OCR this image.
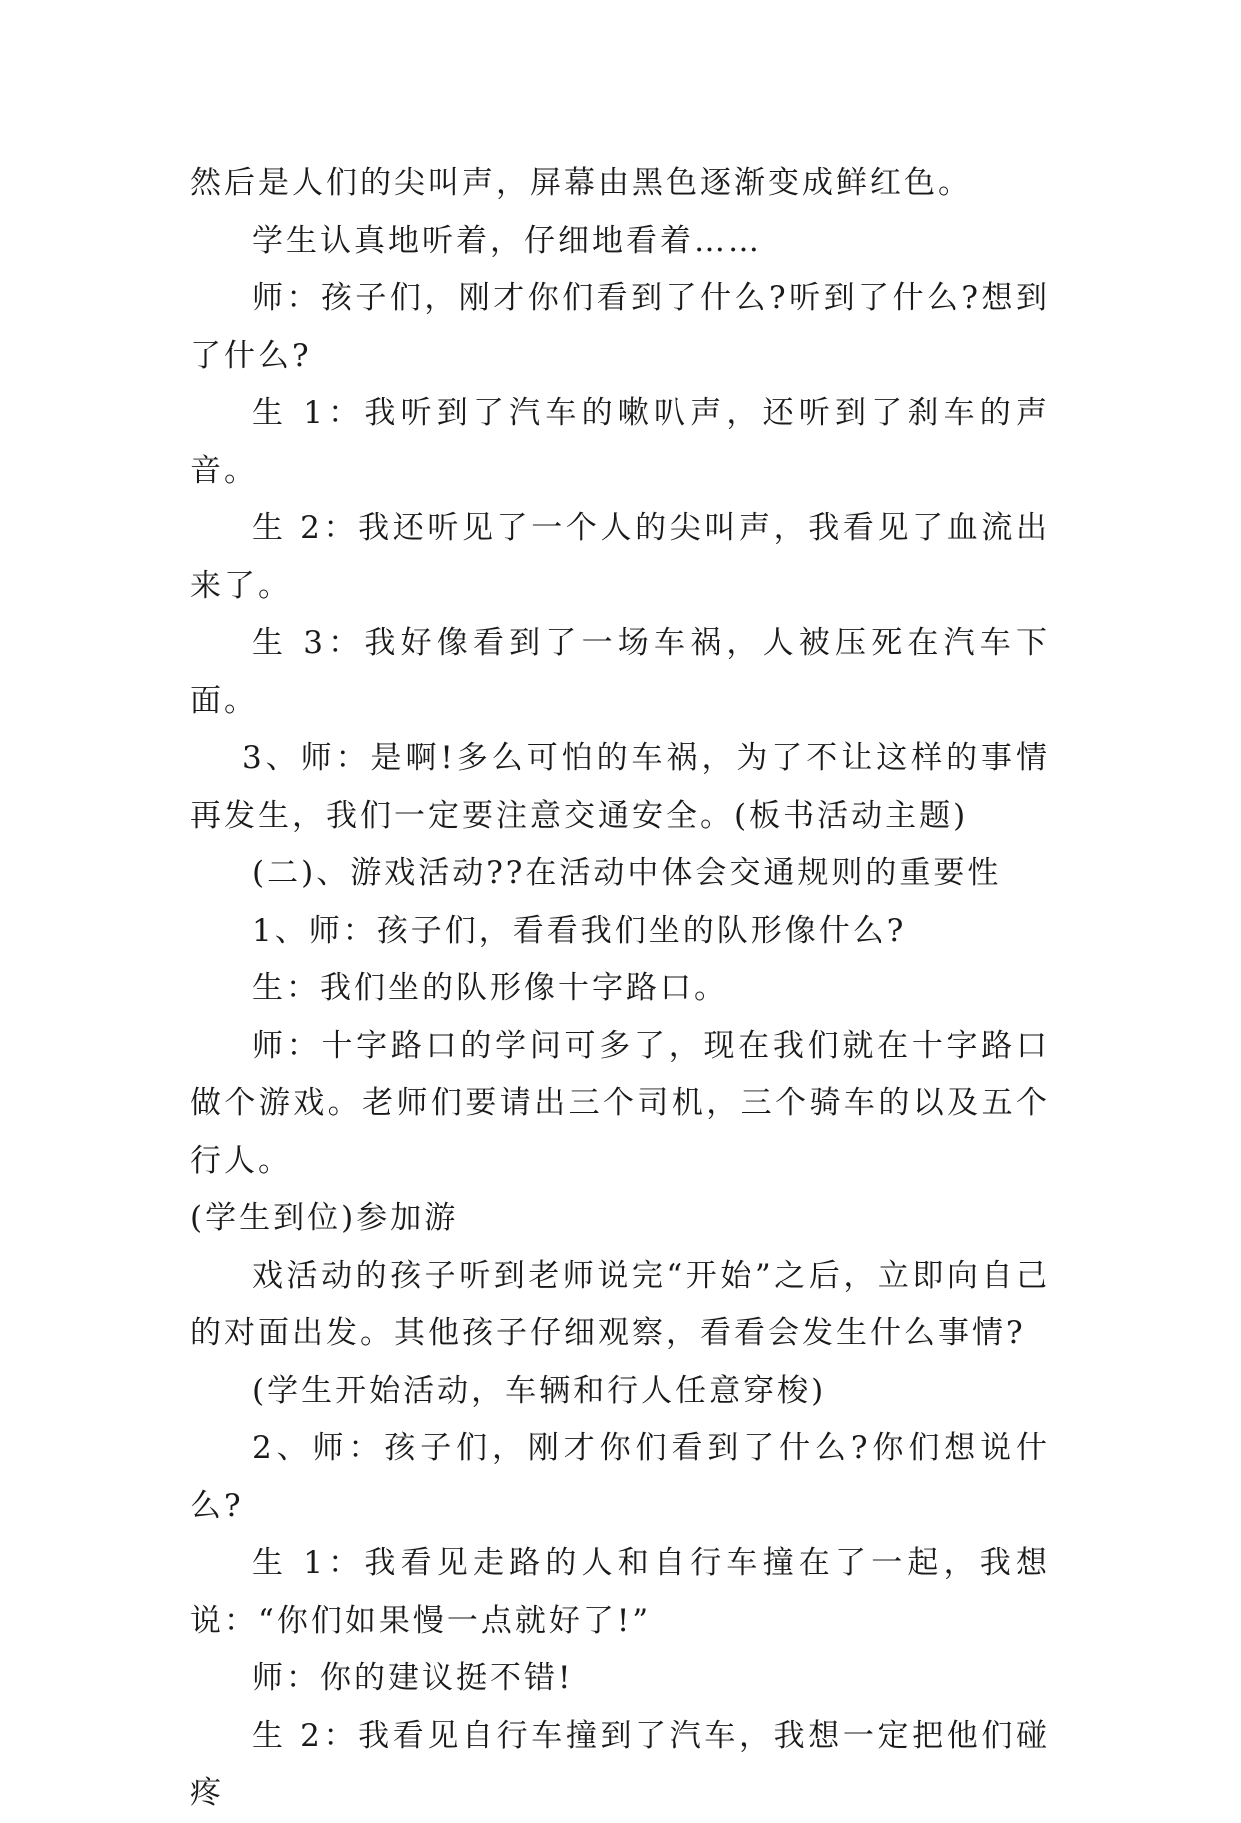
然后是人们的尖叫声，屏幕由黑色逐渐变成鲜红色。

学生认真地听着，仔细地看着……

师：孩子们，刚才你们看到了什么?听到了什么?想到了什么?

生 1：我听到了汽车的嗽叭声，还听到了刹车的声音。

生 2：我还听见了一个人的尖叫声，我看见了血流出来了。

生 3：我好像看到了一场车祸，人被压死在汽车下面。

3、师：是啊!多么可怕的车祸，为了不让这样的事情再发生，我们一定要注意交通安全。(板书活动主题)

(二)、游戏活动??在活动中体会交通规则的重要性

1、师：孩子们，看看我们坐的队形像什么?

生：我们坐的队形像十字路口。

师：十字路口的学问可多了，现在我们就在十字路口做个游戏。老师们要请出三个司机，三个骑车的以及五个行人。

(学生到位)参加游

戏活动的孩子听到老师说完“开始”之后，立即向自己的对面出发。其他孩子仔细观察，看看会发生什么事情?

(学生开始活动，车辆和行人任意穿梭)

2、师：孩子们，刚才你们看到了什么?你们想说什么?

生 1：我看见走路的人和自行车撞在了一起，我想说：“你们如果慢一点就好了!”

师：你的建议挺不错!

生 2：我看见自行车撞到了汽车，我想一定把他们碰疼
